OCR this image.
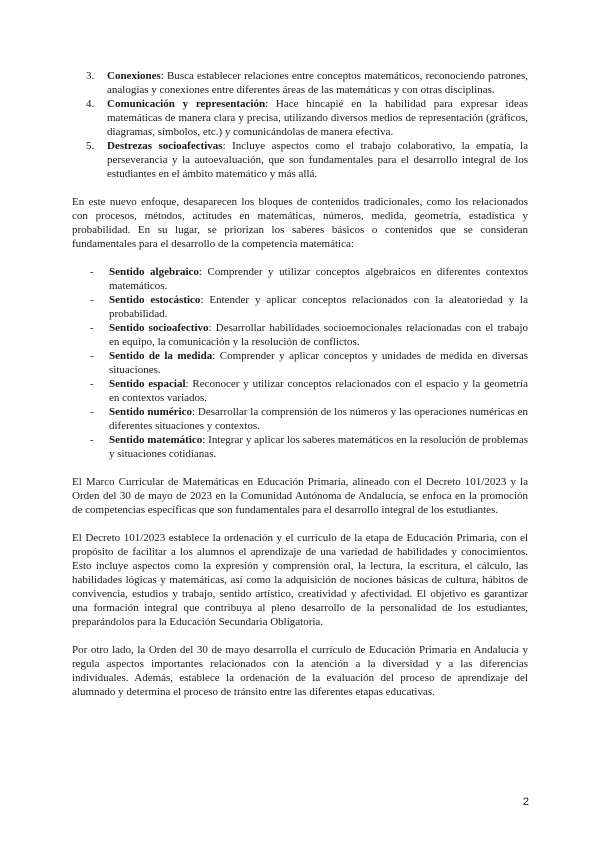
3. Conexiones: Busca establecer relaciones entre conceptos matemáticos, reconociendo patrones, analogías y conexiones entre diferentes áreas de las matemáticas y con otras disciplinas.
4. Comunicación y representación: Hace hincapié en la habilidad para expresar ideas matemáticas de manera clara y precisa, utilizando diversos medios de representación (gráficos, diagramas, símbolos, etc.) y comunicándolas de manera efectiva.
5. Destrezas socioafectivas: Incluye aspectos como el trabajo colaborativo, la empatía, la perseverancia y la autoevaluación, que son fundamentales para el desarrollo integral de los estudiantes en el ámbito matemático y más allá.

En este nuevo enfoque, desaparecen los bloques de contenidos tradicionales, como los relacionados con procesos, métodos, actitudes en matemáticas, números, medida, geometría, estadística y probabilidad. En su lugar, se priorizan los saberes básicos o contenidos que se consideran fundamentales para el desarrollo de la competencia matemática:

- Sentido algebraico: Comprender y utilizar conceptos algebraicos en diferentes contextos matemáticos.
- Sentido estocástico: Entender y aplicar conceptos relacionados con la aleatoriedad y la probabilidad.
- Sentido socioafectivo: Desarrollar habilidades socioemocionales relacionadas con el trabajo en equipo, la comunicación y la resolución de conflictos.
- Sentido de la medida: Comprender y aplicar conceptos y unidades de medida en diversas situaciones.
- Sentido espacial: Reconocer y utilizar conceptos relacionados con el espacio y la geometría en contextos variados.
- Sentido numérico: Desarrollar la comprensión de los números y las operaciones numéricas en diferentes situaciones y contextos.
- Sentido matemático: Integrar y aplicar los saberes matemáticos en la resolución de problemas y situaciones cotidianas.

El Marco Curricular de Matemáticas en Educación Primaria, alineado con el Decreto 101/2023 y la Orden del 30 de mayo de 2023 en la Comunidad Autónoma de Andalucía, se enfoca en la promoción de competencias específicas que son fundamentales para el desarrollo integral de los estudiantes.

El Decreto 101/2023 establece la ordenación y el currículo de la etapa de Educación Primaria, con el propósito de facilitar a los alumnos el aprendizaje de una variedad de habilidades y conocimientos. Esto incluye aspectos como la expresión y comprensión oral, la lectura, la escritura, el cálculo, las habilidades lógicas y matemáticas, así como la adquisición de nociones básicas de cultura, hábitos de convivencia, estudios y trabajo, sentido artístico, creatividad y afectividad. El objetivo es garantizar una formación integral que contribuya al pleno desarrollo de la personalidad de los estudiantes, preparándolos para la Educación Secundaria Obligatoria.

Por otro lado, la Orden del 30 de mayo desarrolla el currículo de Educación Primaria en Andalucía y regula aspectos importantes relacionados con la atención a la diversidad y a las diferencias individuales. Además, establece la ordenación de la evaluación del proceso de aprendizaje del alumnado y determina el proceso de tránsito entre las diferentes etapas educativas.

2
